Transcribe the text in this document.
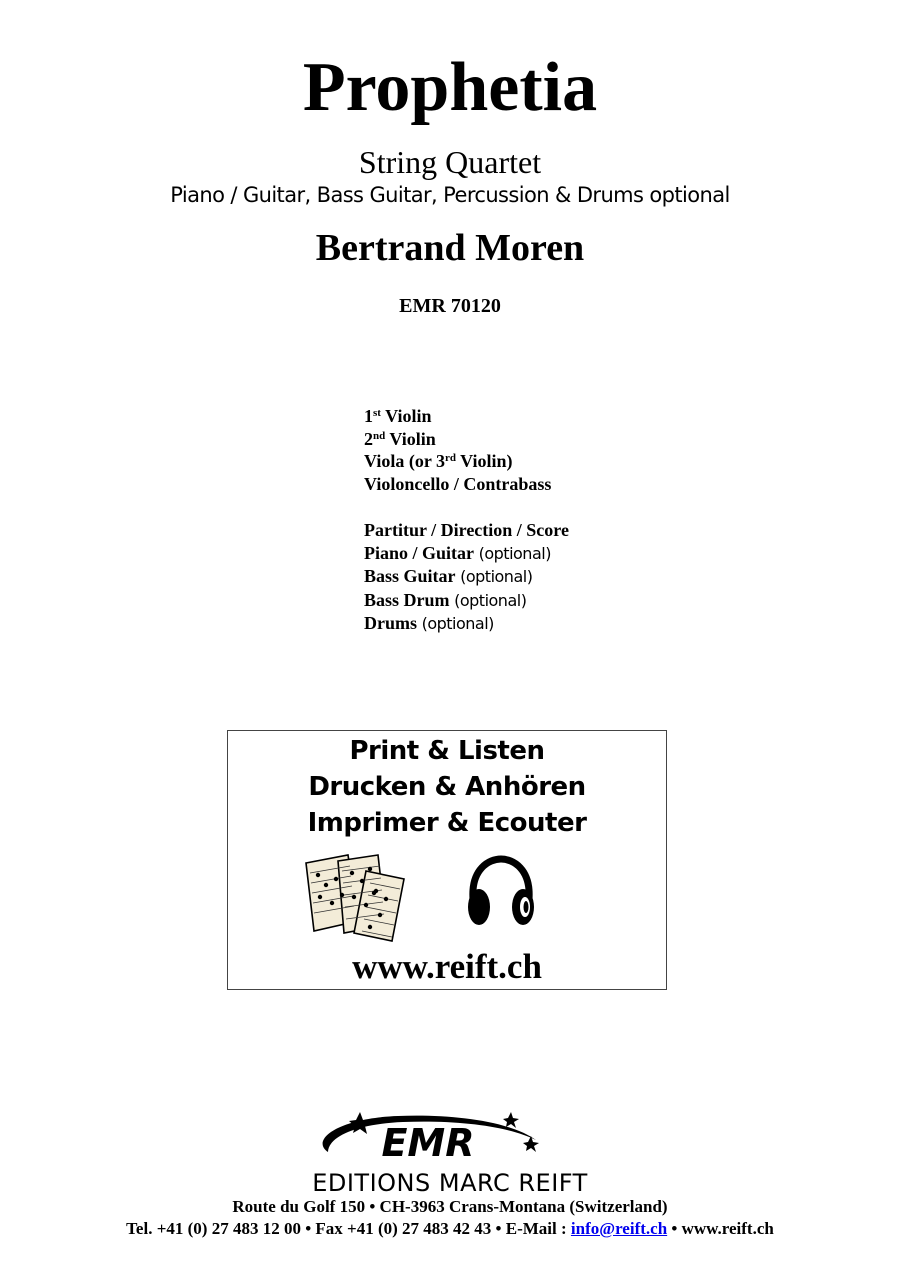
Prophetia
String Quartet
Piano / Guitar, Bass Guitar, Percussion & Drums optional
Bertrand Moren
EMR 70120
1st Violin
2nd Violin
Viola (or 3rd Violin)
Violoncello / Contrabass
Partitur / Direction / Score
Piano / Guitar (optional)
Bass Guitar (optional)
Bass Drum (optional)
Drums (optional)
Print & Listen
Drucken & Anhören
Imprimer & Ecouter
www.reift.ch
EMR
EDITIONS MARC REIFT
Route du Golf 150 • CH-3963 Crans-Montana (Switzerland)
Tel. +41 (0) 27 483 12 00 • Fax +41 (0) 27 483 42 43 • E-Mail : info@reift.ch • www.reift.ch
